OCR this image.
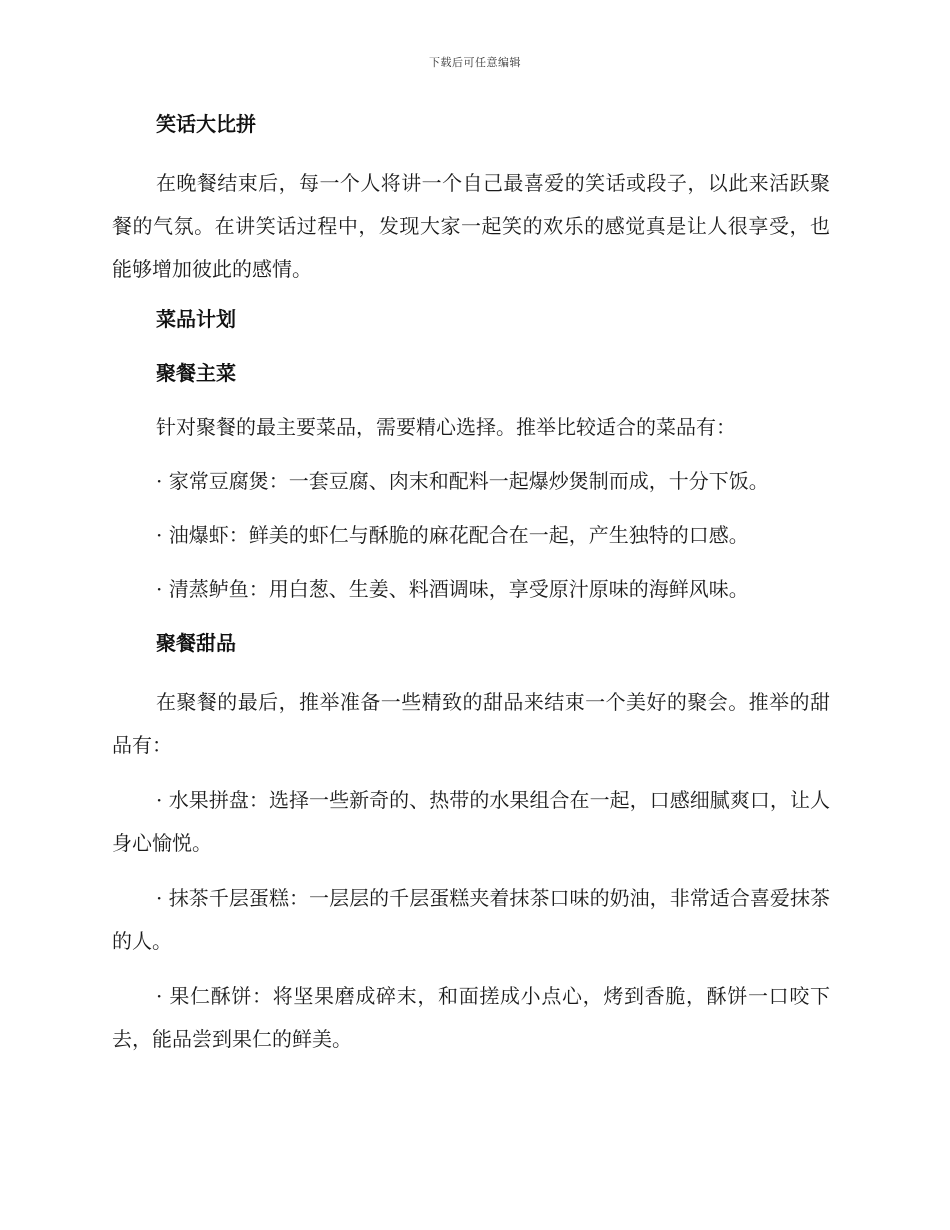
下载后可任意编辑
笑话大比拼

在晚餐结束后，每一个人将讲一个自己最喜爱的笑话或段子，以此来活跃聚餐的气氛。在讲笑话过程中，发现大家一起笑的欢乐的感觉真是让人很享受，也能够增加彼此的感情。

菜品计划
聚餐主菜

针对聚餐的最主要菜品，需要精心选择。推举比较适合的菜品有：

· 家常豆腐煲：一套豆腐、肉末和配料一起爆炒煲制而成，十分下饭。

· 油爆虾：鲜美的虾仁与酥脆的麻花配合在一起，产生独特的口感。

· 清蒸鲈鱼：用白葱、生姜、料酒调味，享受原汁原味的海鲜风味。

聚餐甜品

在聚餐的最后，推举准备一些精致的甜品来结束一个美好的聚会。推举的甜品有：

· 水果拼盘：选择一些新奇的、热带的水果组合在一起，口感细腻爽口，让人身心愉悦。

· 抹茶千层蛋糕：一层层的千层蛋糕夹着抹茶口味的奶油，非常适合喜爱抹茶的人。

· 果仁酥饼：将坚果磨成碎末，和面搓成小点心，烤到香脆，酥饼一口咬下去，能品尝到果仁的鲜美。
